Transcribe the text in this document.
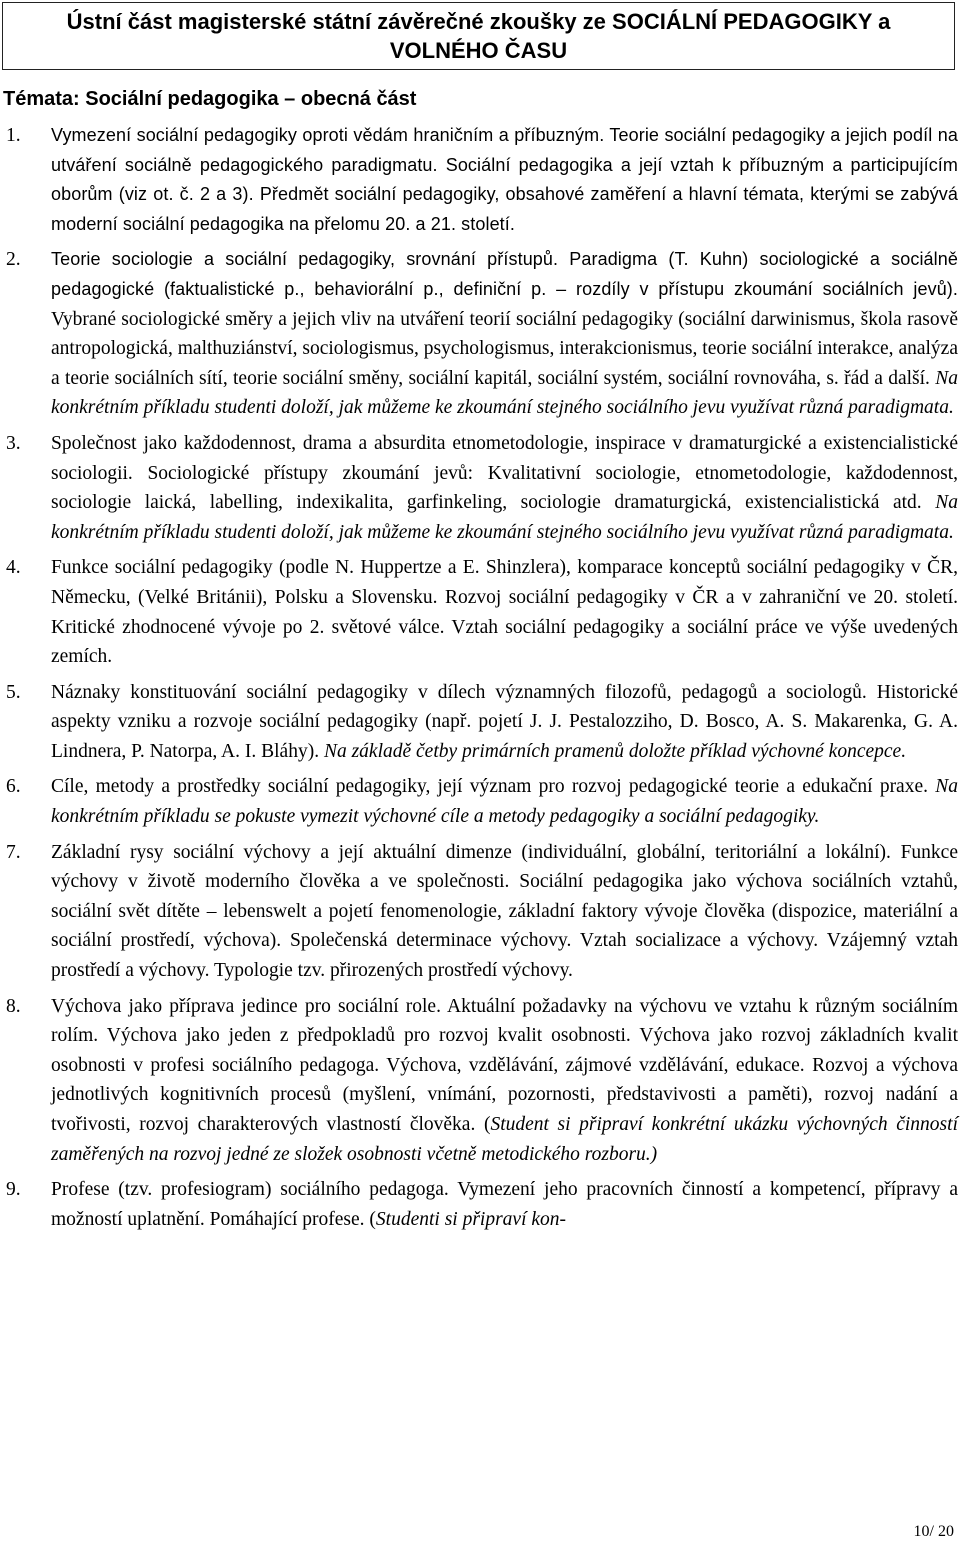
Ústní část magisterské státní závěrečné zkoušky ze SOCIÁLNÍ PEDAGOGIKY a
VOLNÉHO ČASU
Témata: Sociální pedagogika – obecná část
1.	Vymezení sociální pedagogiky oproti vědám hraničním a příbuzným. Teorie sociální pedagogiky a jejich podíl na utváření sociálně pedagogického paradigmatu. Sociální pedagogika a její vztah k příbuzným a participujícím oborům (viz ot. č. 2 a 3). Předmět sociální pedagogiky, obsahové zaměření a hlavní témata, kterými se zabývá moderní sociální pedagogika na přelomu 20. a 21. století.
2.	Teorie sociologie a sociální pedagogiky, srovnání přístupů. Paradigma (T. Kuhn) sociologické a sociálně pedagogické (faktualistické p., behaviorální p., definiční p. – rozdíly v přístupu zkoumání sociálních jevů). Vybrané sociologické směry a jejich vliv na utváření teorií sociální pedagogiky (sociální darwinismus, škola rasově antropologická, malthuziánství, sociologismus, psychologismus, interakcionismus, teorie sociální interakce, analýza a teorie sociálních sítí, teorie sociální směny, sociální kapitál, sociální systém, sociální rovnováha, s. řád a další. Na konkrétním příkladu studenti doloží, jak můžeme ke zkoumání stejného sociálního jevu využívat různá paradigmata.
3.	Společnost jako každodennost, drama a absurdita etnometodologie, inspirace v dramaturgické a existencialistické sociologii. Sociologické přístupy zkoumání jevů: Kvalitativní sociologie, etnometodologie, každodennost, sociologie laická, labelling, indexikalita, garfinkeling, sociologie dramaturgická, existencialistická atd. Na konkrétním příkladu studenti doloží, jak můžeme ke zkoumání stejného sociálního jevu využívat různá paradigmata.
4.	Funkce sociální pedagogiky (podle N. Huppertze a E. Shinzlera), komparace konceptů sociální pedagogiky v ČR, Německu, (Velké Británii), Polsku a Slovensku. Rozvoj sociální pedagogiky v ČR a v zahraniční ve 20. století. Kritické zhodnocené vývoje po 2. světové válce. Vztah sociální pedagogiky a sociální práce ve výše uvedených zemích.
5.	Náznaky konstituování sociální pedagogiky v dílech významných filozofů, pedagogů a sociologů. Historické aspekty vzniku a rozvoje sociální pedagogiky (např. pojetí J. J. Pestalozziho, D. Bosco, A. S. Makarenka, G. A. Lindnera, P. Natorpa, A. I. Bláhy). Na základě četby primárních pramenů doložte příklad výchovné koncepce.
6.	Cíle, metody a prostředky sociální pedagogiky, její význam pro rozvoj pedagogické teorie a edukační praxe. Na konkrétním příkladu se pokuste vymezit výchovné cíle a metody pedagogiky a sociální pedagogiky.
7.	Základní rysy sociální výchovy a její aktuální dimenze (individuální, globální, teritoriální a lokální). Funkce výchovy v životě moderního člověka a ve společnosti. Sociální pedagogika jako výchova sociálních vztahů, sociální svět dítěte – lebenswelt a pojetí fenomenologie, základní faktory vývoje člověka (dispozice, materiální a sociální prostředí, výchova). Společenská determinace výchovy. Vztah socializace a výchovy. Vzájemný vztah prostředí a výchovy. Typologie tzv. přirozených prostředí výchovy.
8.	Výchova jako příprava jedince pro sociální role. Aktuální požadavky na výchovu ve vztahu k různým sociálním rolím. Výchova jako jeden z předpokladů pro rozvoj kvalit osobnosti. Výchova jako rozvoj základních kvalit osobnosti v profesi sociálního pedagoga. Výchova, vzdělávání, zájmové vzdělávání, edukace. Rozvoj a výchova jednotlivých kognitivních procesů (myšlení, vnímání, pozornosti, představivosti a paměti), rozvoj nadání a tvořivosti, rozvoj charakterových vlastností člověka. (Student si připraví konkrétní ukázku výchovných činností zaměřených na rozvoj jedné ze složek osobnosti včetně metodického rozboru.)
9.	Profese (tzv. profesiogram) sociálního pedagoga. Vymezení jeho pracovních činností a kompetencí, přípravy a možností uplatnění. Pomáhající profese. (Studenti si připraví kon-
10/ 20
